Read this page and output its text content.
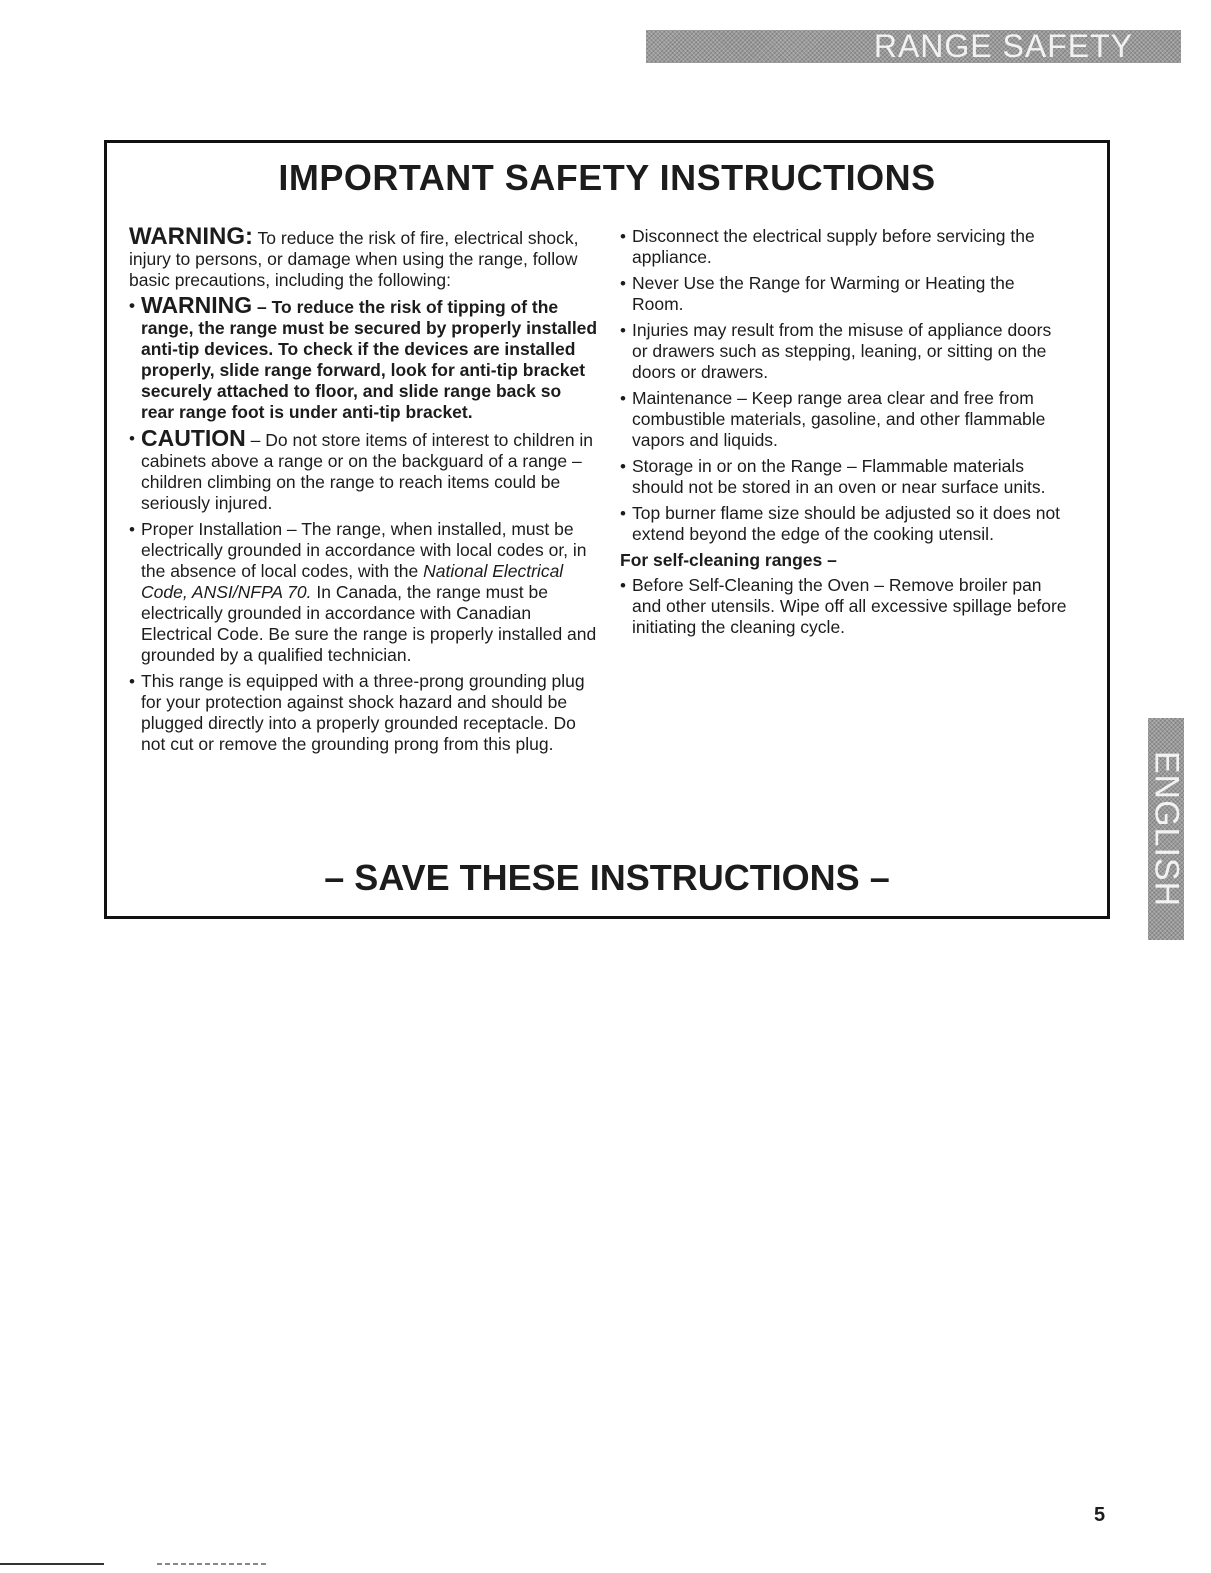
RANGE SAFETY
IMPORTANT SAFETY INSTRUCTIONS

WARNING: To reduce the risk of fire, electrical shock, injury to persons, or damage when using the range, follow basic precautions, including the following:

• WARNING – To reduce the risk of tipping of the range, the range must be secured by properly installed anti-tip devices. To check if the devices are installed properly, slide range forward, look for anti-tip bracket securely attached to floor, and slide range back so rear range foot is under anti-tip bracket.
• CAUTION – Do not store items of interest to children in cabinets above a range or on the backguard of a range – children climbing on the range to reach items could be seriously injured.
• Proper Installation – The range, when installed, must be electrically grounded in accordance with local codes or, in the absence of local codes, with the National Electrical Code, ANSI/NFPA 70. In Canada, the range must be electrically grounded in accordance with Canadian Electrical Code. Be sure the range is properly installed and grounded by a qualified technician.
• This range is equipped with a three-prong grounding plug for your protection against shock hazard and should be plugged directly into a properly grounded receptacle. Do not cut or remove the grounding prong from this plug.
• Disconnect the electrical supply before servicing the appliance.
• Never Use the Range for Warming or Heating the Room.
• Injuries may result from the misuse of appliance doors or drawers such as stepping, leaning, or sitting on the doors or drawers.
• Maintenance – Keep range area clear and free from combustible materials, gasoline, and other flammable vapors and liquids.
• Storage in or on the Range – Flammable materials should not be stored in an oven or near surface units.
• Top burner flame size should be adjusted so it does not extend beyond the edge of the cooking utensil.

For self-cleaning ranges –

• Before Self-Cleaning the Oven – Remove broiler pan and other utensils. Wipe off all excessive spillage before initiating the cleaning cycle.
– SAVE THESE INSTRUCTIONS –	ENGLISH
5
